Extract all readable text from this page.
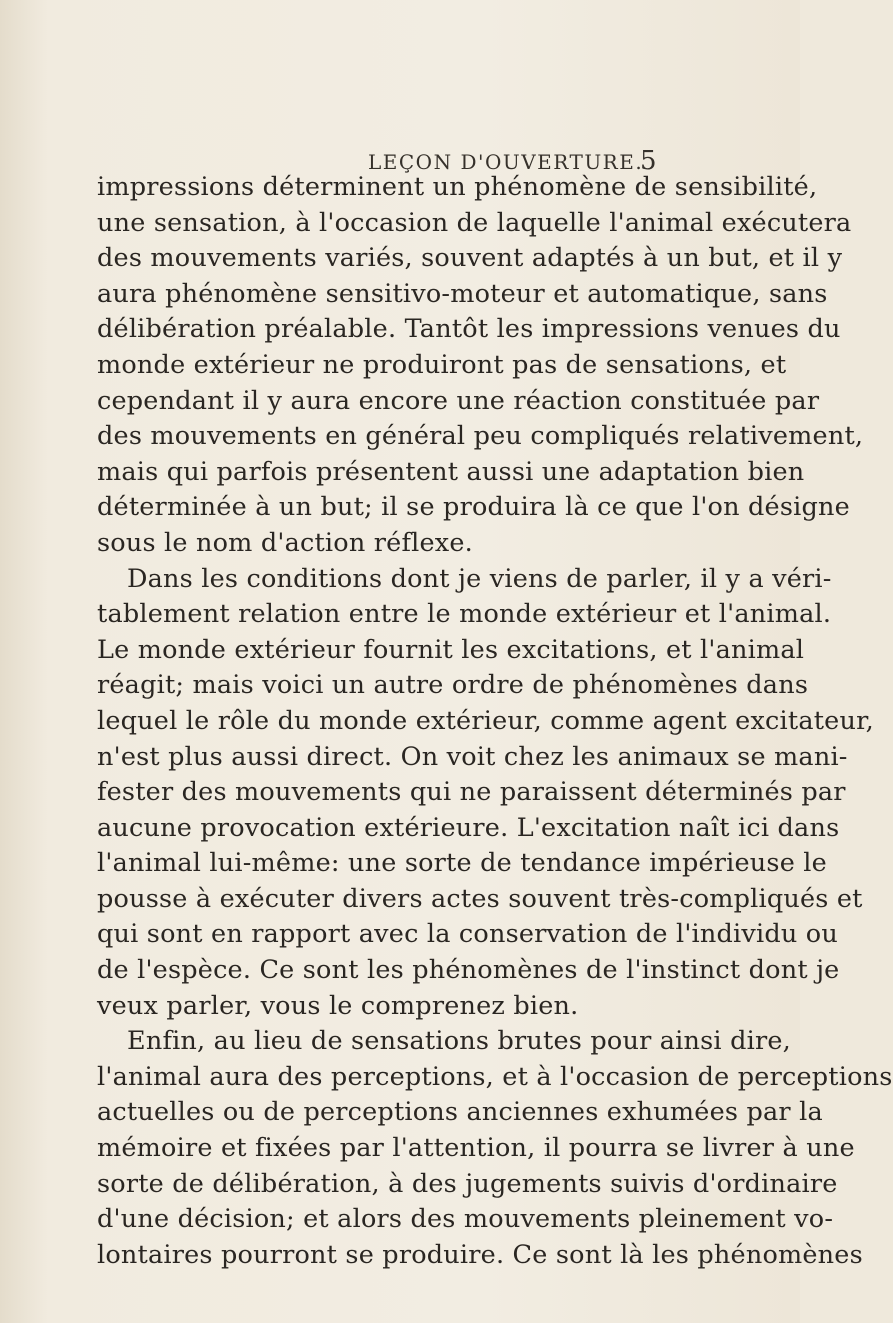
LEÇON D'OUVERTURE.
5
impressions déterminent un phénomène de sensibilité,
une sensation, à l'occasion de laquelle l'animal exécutera
des mouvements variés, souvent adaptés à un but, et il y
aura phénomène sensitivo-moteur et automatique, sans
délibération préalable. Tantôt les impressions venues du
monde extérieur ne produiront pas de sensations, et
cependant il y aura encore une réaction constituée par
des mouvements en général peu compliqués relativement,
mais qui parfois présentent aussi une adaptation bien
déterminée à un but; il se produira là ce que l'on désigne
sous le nom d'action réflexe.
Dans les conditions dont je viens de parler, il y a véri-
tablement relation entre le monde extérieur et l'animal.
Le monde extérieur fournit les excitations, et l'animal
réagit; mais voici un autre ordre de phénomènes dans
lequel le rôle du monde extérieur, comme agent excitateur,
n'est plus aussi direct. On voit chez les animaux se mani-
fester des mouvements qui ne paraissent déterminés par
aucune provocation extérieure. L'excitation naît ici dans
l'animal lui-même: une sorte de tendance impérieuse le
pousse à exécuter divers actes souvent très-compliqués et
qui sont en rapport avec la conservation de l'individu ou
de l'espèce. Ce sont les phénomènes de l'instinct dont je
veux parler, vous le comprenez bien.
Enfin, au lieu de sensations brutes pour ainsi dire,
l'animal aura des perceptions, et à l'occasion de perceptions
actuelles ou de perceptions anciennes exhumées par la
mémoire et fixées par l'attention, il pourra se livrer à une
sorte de délibération, à des jugements suivis d'ordinaire
d'une décision; et alors des mouvements pleinement vo-
lontaires pourront se produire. Ce sont là les phénomènes
